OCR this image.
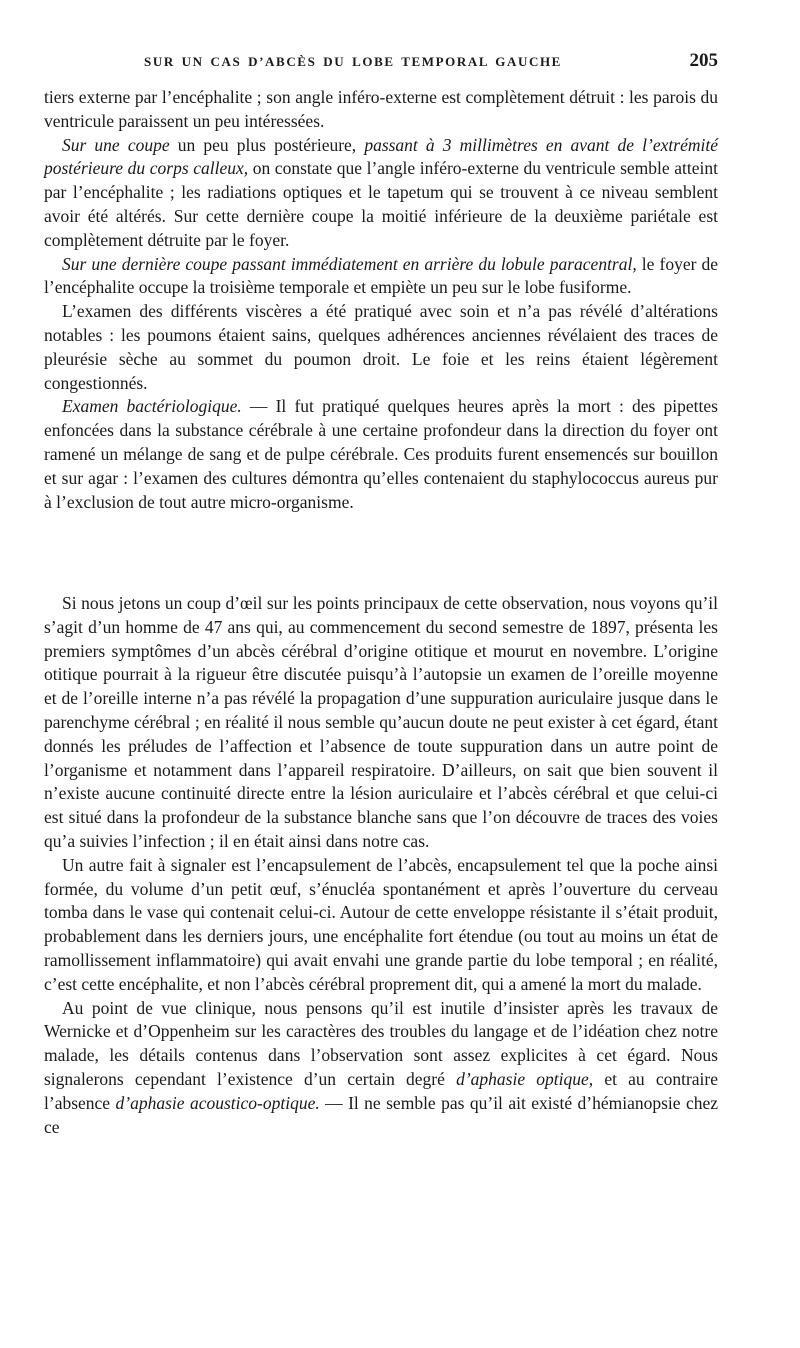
SUR UN CAS D’ABCÈS DU LOBE TEMPORAL GAUCHE	205

tiers externe par l’encéphalite ; son angle inféro-externe est complètement détruit : les parois du ventricule paraissent un peu intéressées.

Sur une coupe un peu plus postérieure, passant à 3 millimètres en avant de l’extrémité postérieure du corps calleux, on constate que l’angle inféro-externe du ventricule semble atteint par l’encéphalite ; les radiations optiques et le tapetum qui se trouvent à ce niveau semblent avoir été altérés. Sur cette dernière coupe la moitié inférieure de la deuxième pariétale est complètement détruite par le foyer.

Sur une dernière coupe passant immédiatement en arrière du lobule paracentral, le foyer de l’encéphalite occupe la troisième temporale et empiète un peu sur le lobe fusiforme.

L’examen des différents viscères a été pratiqué avec soin et n’a pas révélé d’altérations notables : les poumons étaient sains, quelques adhérences anciennes révélaient des traces de pleurésie sèche au sommet du poumon droit. Le foie et les reins étaient légèrement congestionnés.

Examen bactériologique. — Il fut pratiqué quelques heures après la mort : des pipettes enfoncées dans la substance cérébrale à une certaine profondeur dans la direction du foyer ont ramené un mélange de sang et de pulpe cérébrale. Ces produits furent ensemencés sur bouillon et sur agar : l’examen des cultures démontra qu’elles contenaient du staphylococcus aureus pur à l’exclusion de tout autre micro-organisme.

Si nous jetons un coup d’œil sur les points principaux de cette observation, nous voyons qu’il s’agit d’un homme de 47 ans qui, au commencement du second semestre de 1897, présenta les premiers symptômes d’un abcès cérébral d’origine otitique et mourut en novembre. L’origine otitique pourrait à la rigueur être discutée puisqu’à l’autopsie un examen de l’oreille moyenne et de l’oreille interne n’a pas révélé la propagation d’une suppuration auriculaire jusque dans le parenchyme cérébral ; en réalité il nous semble qu’aucun doute ne peut exister à cet égard, étant donnés les préludes de l’affection et l’absence de toute suppuration dans un autre point de l’organisme et notamment dans l’appareil respiratoire. D’ailleurs, on sait que bien souvent il n’existe aucune continuité directe entre la lésion auriculaire et l’abcès cérébral et que celui-ci est situé dans la profondeur de la substance blanche sans que l’on découvre de traces des voies qu’a suivies l’infection ; il en était ainsi dans notre cas.

Un autre fait à signaler est l’encapsulement de l’abcès, encapsulement tel que la poche ainsi formée, du volume d’un petit œuf, s’énucléa spontanément et après l’ouverture du cerveau tomba dans le vase qui contenait celui-ci. Autour de cette enveloppe résistante il s’était produit, probablement dans les derniers jours, une encéphalite fort étendue (ou tout au moins un état de ramollissement inflammatoire) qui avait envahi une grande partie du lobe temporal ; en réalité, c’est cette encéphalite, et non l’abcès cérébral proprement dit, qui a amené la mort du malade.

Au point de vue clinique, nous pensons qu’il est inutile d’insister après les travaux de Wernicke et d’Oppenheim sur les caractères des troubles du langage et de l’idéation chez notre malade, les détails contenus dans l’observation sont assez explicites à cet égard. Nous signalerons cependant l’existence d’un certain degré d’aphasie optique, et au contraire l’absence d’aphasie acoustico-optique. — Il ne semble pas qu’il ait existé d’hémianopsie chez ce
